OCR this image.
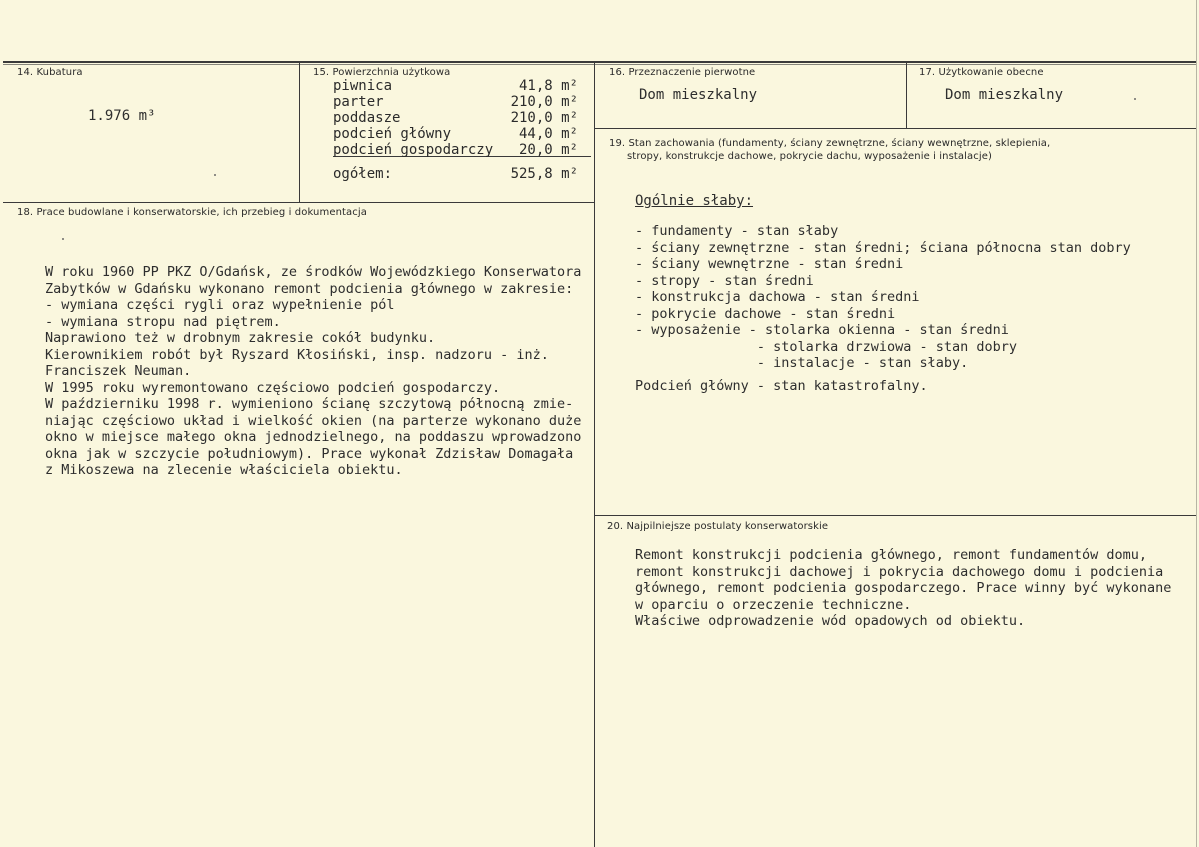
14. Kubatura
1.976 m³
15. Powierzchnia użytkowa
piwnica	41,8 m²
parter	210,0 m²
poddasze	210,0 m²
podcień główny	44,0 m²
podcień gospodarczy 20,0 m²
ogółem:	525,8 m²
16. Przeznaczenie pierwotne
Dom mieszkalny
17. Użytkowanie obecne
Dom mieszkalny
18. Prace budowlane i konserwatorskie, ich przebieg i dokumentacja
W roku 1960 PP PKZ O/Gdańsk, ze środków Wojewódzkiego Konserwatora
Zabytków w Gdańsku wykonano remont podcienia głównego w zakresie:
- wymiana części rygli oraz wypełnienie pól
- wymiana stropu nad piętrem.
Naprawiono też w drobnym zakresie cokół budynku.
Kierownikiem robót był Ryszard Kłosiński, insp. nadzoru - inż.
Franciszek Neuman.
W 1995 roku wyremontowano częściowo podcień gospodarczy.
W październiku 1998 r. wymieniono ścianę szczytową północną zmie-
niając częściowo układ i wielkość okien (na parterze wykonano duże
okno w miejsce małego okna jednodzielnego, na poddaszu wprowadzono
okna jak w szczycie południowym). Prace wykonał Zdzisław Domagała
z Mikoszewa na zlecenie właściciela obiektu.
19. Stan zachowania (fundamenty, ściany zewnętrzne, ściany wewnętrzne, sklepienia,
stropy, konstrukcje dachowe, pokrycie dachu, wyposażenie i instalacje)
Ogólnie słaby:
- fundamenty - stan słaby
- ściany zewnętrzne - stan średni; ściana północna stan dobry
- ściany wewnętrzne - stan średni
- stropy - stan średni
- konstrukcja dachowa - stan średni
- pokrycie dachowe - stan średni
- wyposażenie - stolarka okienna - stan średni
- stolarka drzwiowa - stan dobry
- instalacje - stan słaby.
Podcień główny - stan katastrofalny.
20. Najpilniejsze postulaty konserwatorskie
Remont konstrukcji podcienia głównego, remont fundamentów domu,
remont konstrukcji dachowej i pokrycia dachowego domu i podcienia
głównego, remont podcienia gospodarczego. Prace winny być wykonane
w oparciu o orzeczenie techniczne.
Właściwe odprowadzenie wód opadowych od obiektu.
